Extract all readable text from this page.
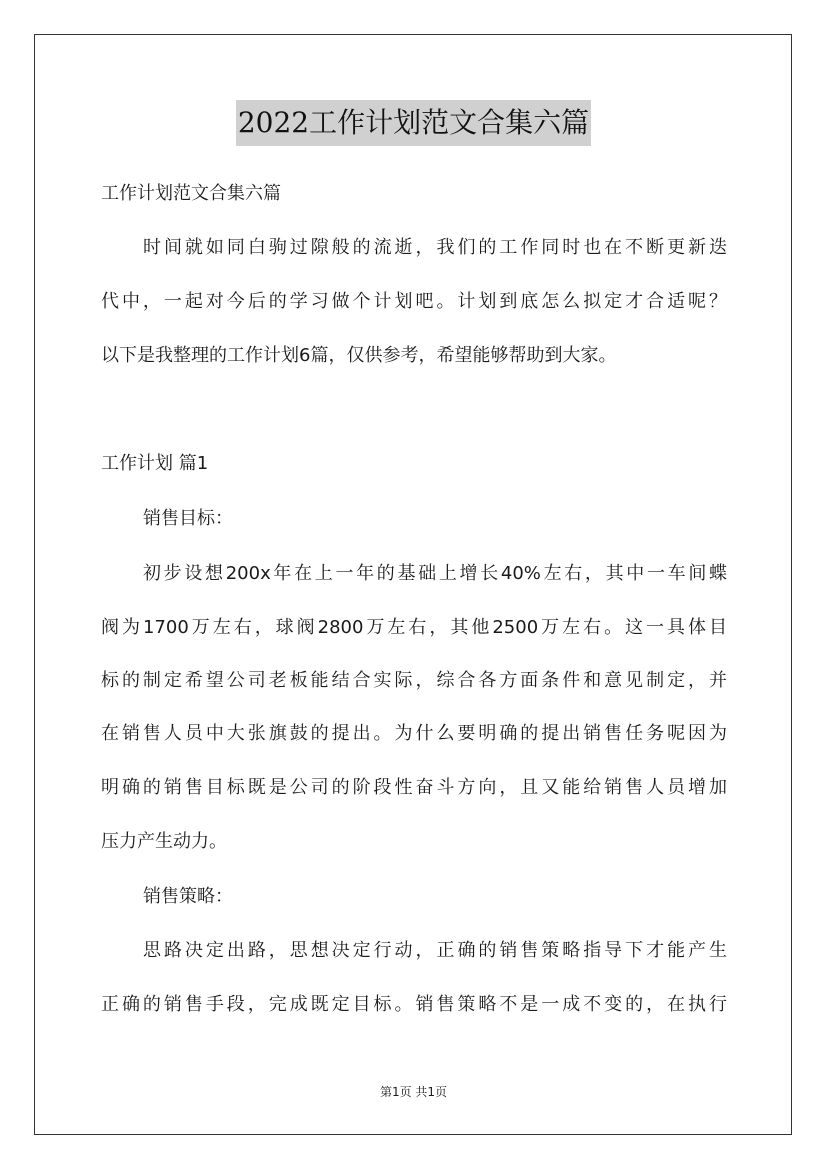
2022工作计划范文合集六篇
工作计划范文合集六篇
时间就如同白驹过隙般的流逝，我们的工作同时也在不断更新迭
代中，一起对今后的学习做个计划吧。计划到底怎么拟定才合适呢？
以下是我整理的工作计划6篇，仅供参考，希望能够帮助到大家。
工作计划 篇1
销售目标：
初步设想200x年在上一年的基础上增长40%左右，其中一车间蝶
阀为1700万左右，球阀2800万左右，其他2500万左右。这一具体目
标的制定希望公司老板能结合实际，综合各方面条件和意见制定，并
在销售人员中大张旗鼓的提出。为什么要明确的提出销售任务呢因为
明确的销售目标既是公司的阶段性奋斗方向，且又能给销售人员增加
压力产生动力。
销售策略：
思路决定出路，思想决定行动，正确的销售策略指导下才能产生
正确的销售手段，完成既定目标。销售策略不是一成不变的，在执行
第1页 共1页
